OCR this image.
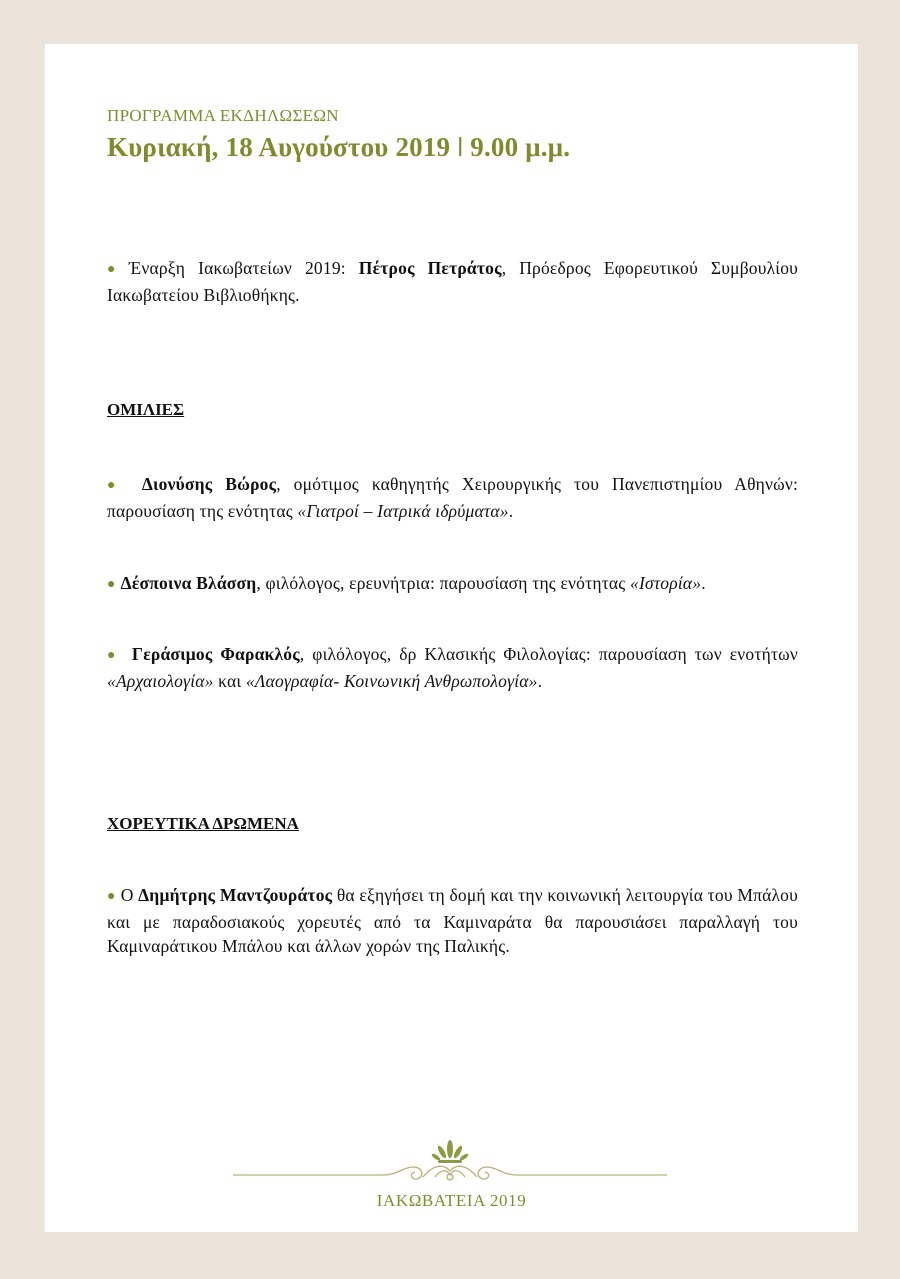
ΠΡΟΓΡΑΜΜΑ ΕΚΔΗΛΩΣΕΩΝ
Κυριακή, 18 Αυγούστου 2019 ǀ 9.00 μ.μ.
● Έναρξη Ιακωβατείων 2019: Πέτρος Πετράτος, Πρόεδρος Εφορευτικού Συμβουλίου Ιακωβατείου Βιβλιοθήκης.
ΟΜΙΛΙΕΣ
● Διονύσης Βώρος, ομότιμος καθηγητής Χειρουργικής του Πανεπιστημίου Αθηνών: παρουσίαση της ενότητας «Γιατροί – Ιατρικά ιδρύματα».
● Δέσποινα Βλάσση, φιλόλογος, ερευνήτρια: παρουσίαση της ενότητας «Ιστορία».
● Γεράσιμος Φαρακλός, φιλόλογος, δρ Κλασικής Φιλολογίας: παρουσίαση των ενοτήτων «Αρχαιολογία» και «Λαογραφία- Κοινωνική Ανθρωπολογία».
ΧΟΡΕΥΤΙΚΑ ΔΡΩΜΕΝΑ
● Ο Δημήτρης Μαντζουράτος θα εξηγήσει τη δομή και την κοινωνική λειτουργία του Μπάλου και με παραδοσιακούς χορευτές από τα Καμιναράτα θα παρουσιάσει παραλλαγή του Καμιναράτικου Μπάλου και άλλων χορών της Παλικής.
ΙΑΚΩΒΑΤΕΙΑ 2019
